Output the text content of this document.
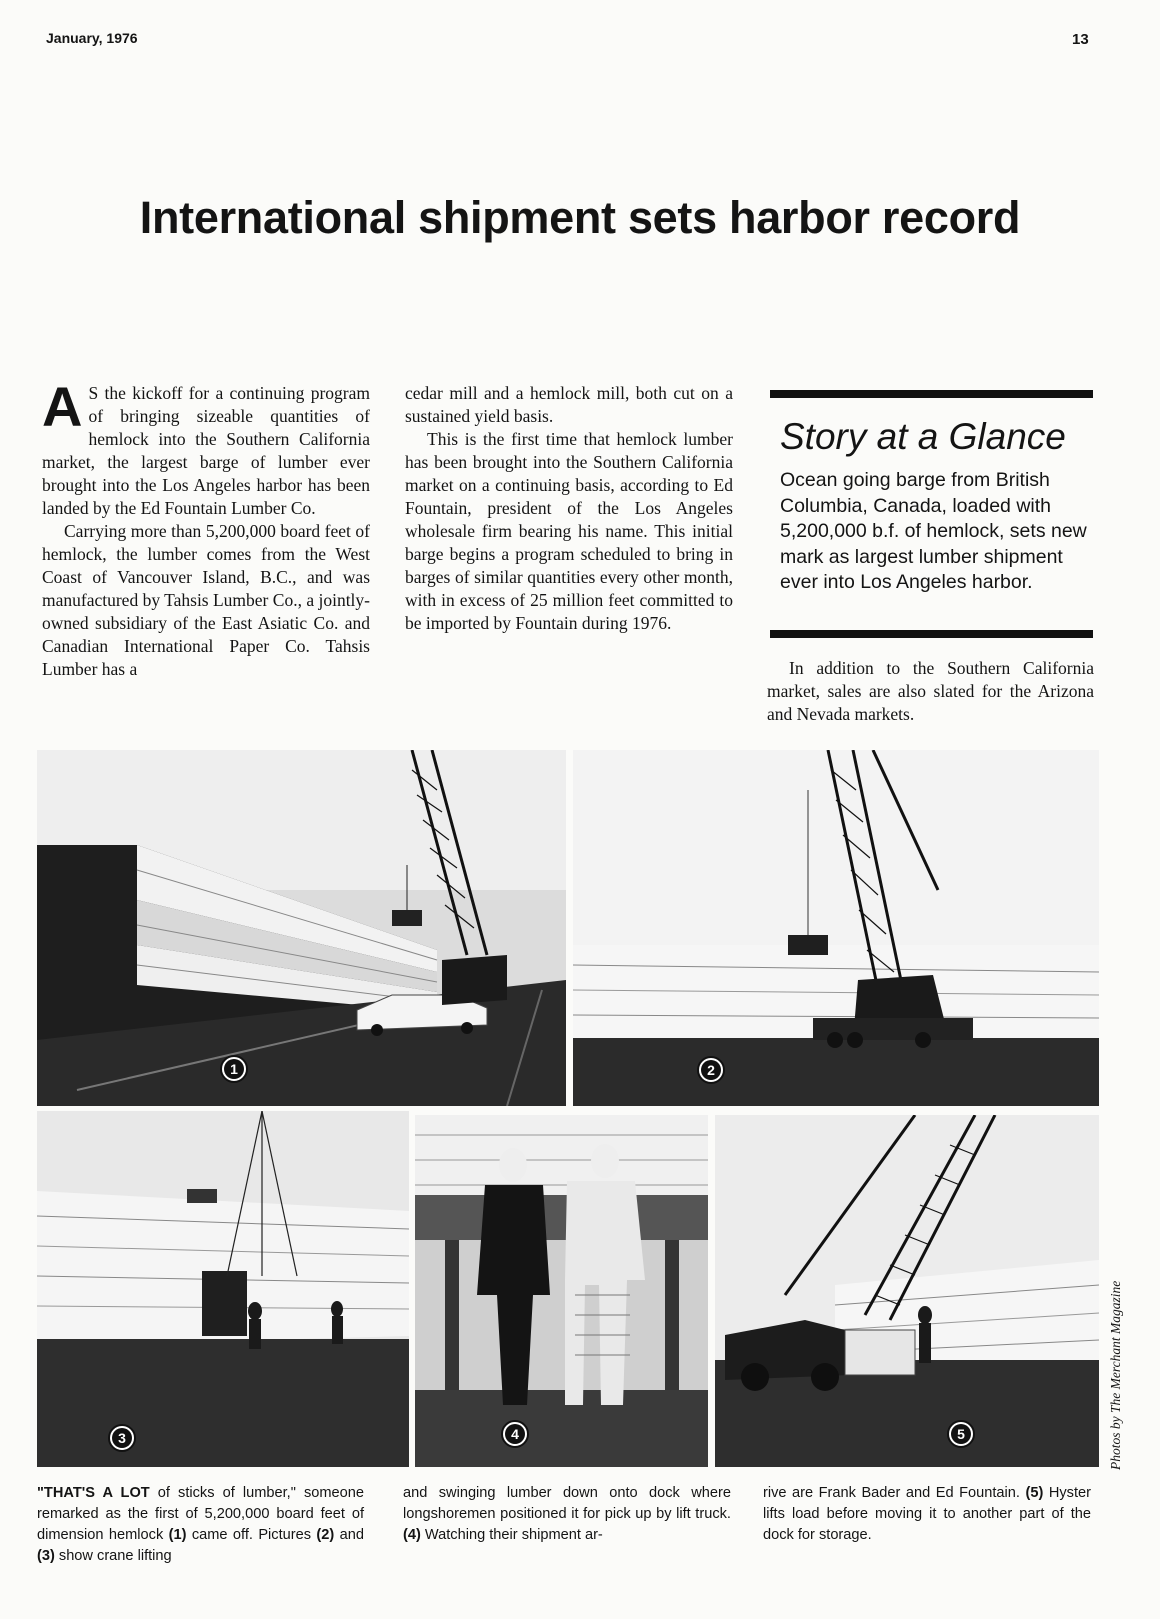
January, 1976	13
International shipment sets harbor record

A S the kickoff for a continuing program of bringing sizeable quantities of hemlock into the Southern California market, the largest barge of lumber ever brought into the Los Angeles harbor has been landed by the Ed Fountain Lumber Co.

Carrying more than 5,200,000 board feet of hemlock, the lumber comes from the West Coast of Vancouver Island, B.C., and was manufactured by Tahsis Lumber Co., a jointly-owned subsidiary of the East Asiatic Co. and Canadian International Paper Co. Tahsis Lumber has a

cedar mill and a hemlock mill, both cut on a sustained yield basis.

This is the first time that hemlock lumber has been brought into the Southern California market on a continuing basis, according to Ed Fountain, president of the Los Angeles wholesale firm bearing his name. This initial barge begins a program scheduled to bring in barges of similar quantities every other month, with in excess of 25 million feet committed to be imported by Fountain during 1976.

Story at a Glance
Ocean going barge from British Columbia, Canada, loaded with 5,200,000 b.f. of hemlock, sets new mark as largest lumber shipment ever into Los Angeles harbor.

In addition to the Southern California market, sales are also slated for the Arizona and Nevada markets.

1	2
3	4	5	Photos by The Merchant Magazine
"THAT'S A LOT of sticks of lumber," someone remarked as the first of 5,200,000 board feet of dimension hemlock (1) came off. Pictures (2) and (3) show crane lifting
and swinging lumber down onto dock where longshoremen positioned it for pick up by lift truck. (4) Watching their shipment ar-
rive are Frank Bader and Ed Fountain. (5) Hyster lifts load before moving it to another part of the dock for storage.
